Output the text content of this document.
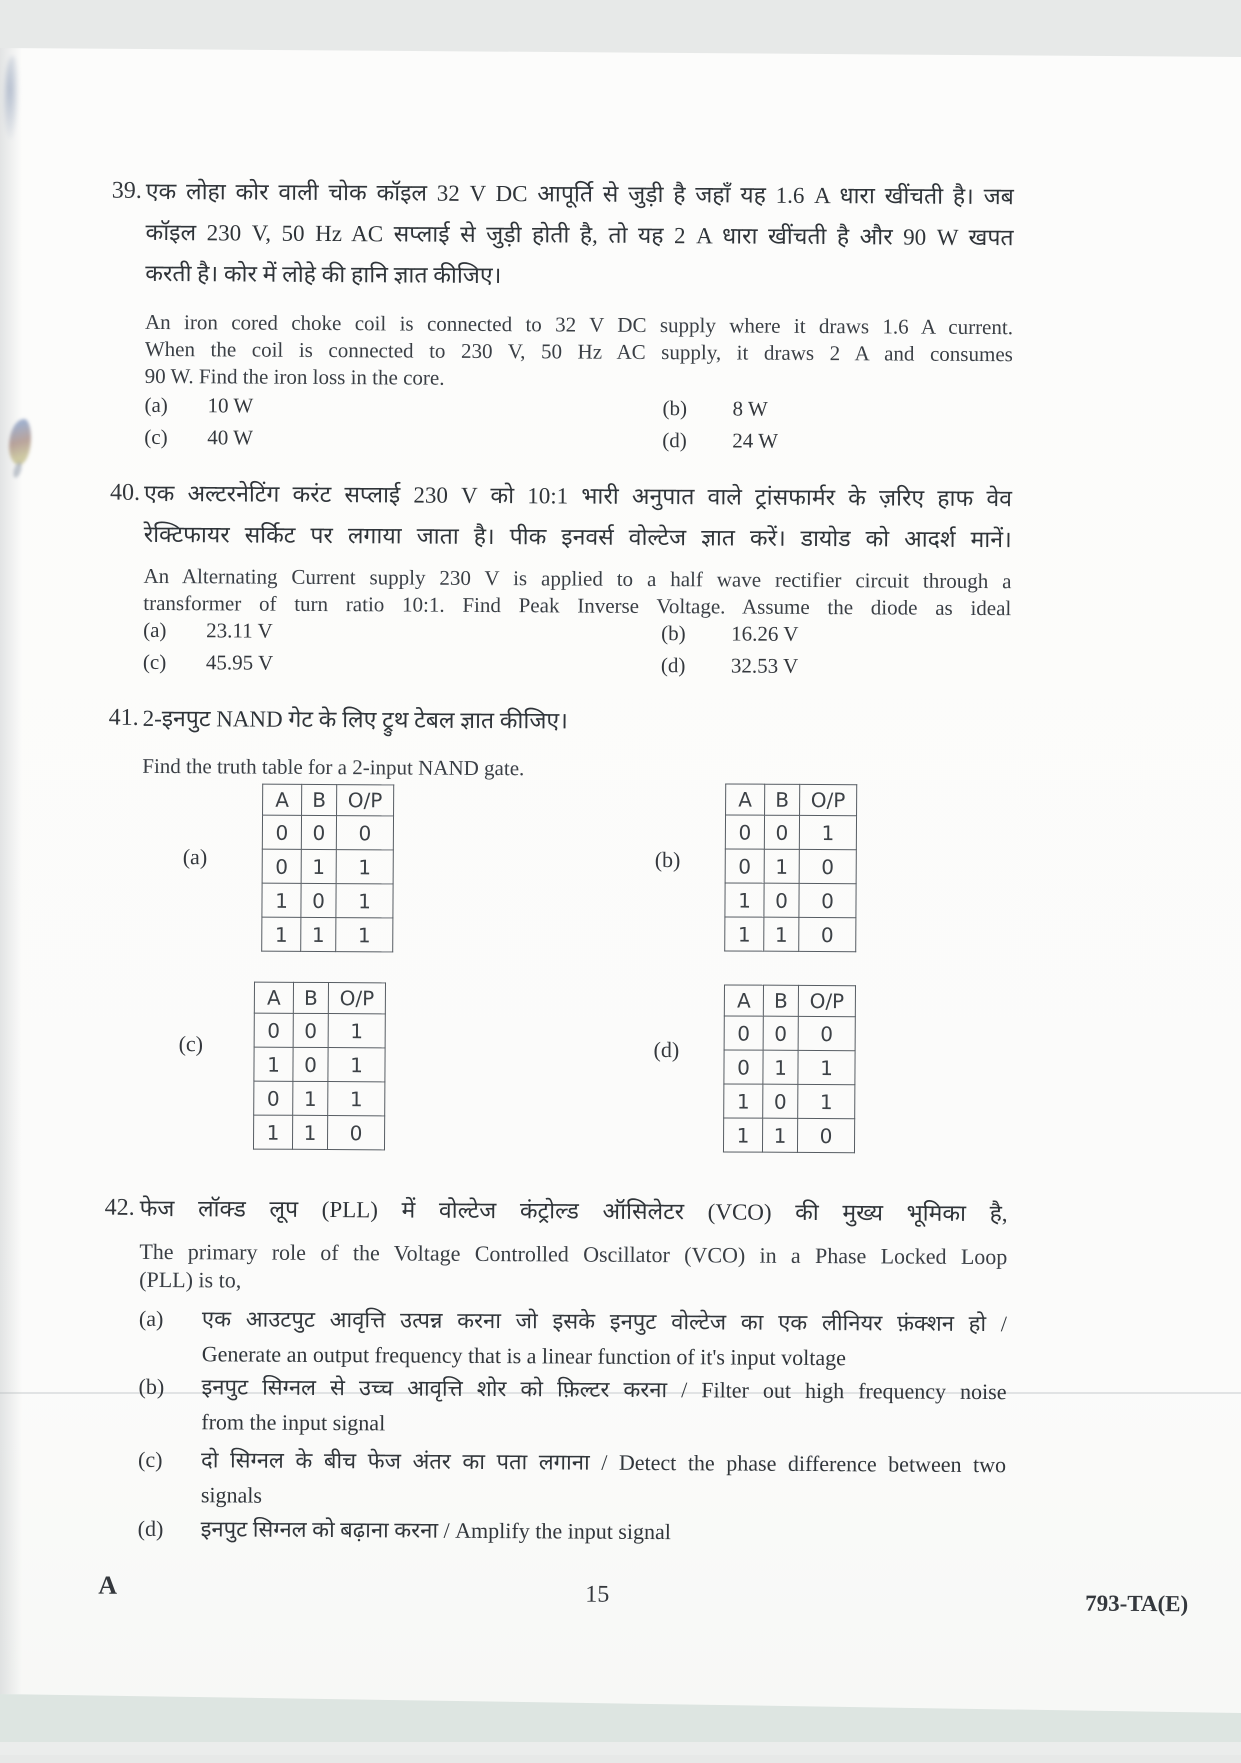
39. एक लोहा कोर वाली चोक कॉइल 32 V DC आपूर्ति से जुड़ी है जहाँ यह 1.6 A धारा खींचती है। जब
कॉइल 230 V, 50 Hz AC सप्लाई से जुड़ी होती है, तो यह 2 A धारा खींचती है और 90 W खपत
करती है। कोर में लोहे की हानि ज्ञात कीजिए।
An iron cored choke coil is connected to 32 V DC supply where it draws 1.6 A current.
When the coil is connected to 230 V, 50 Hz AC supply, it draws 2 A and consumes
90 W. Find the iron loss in the core.
(a) 10 W	(b) 8 W
(c) 40 W	(d) 24 W
40. एक अल्टरनेटिंग करंट सप्लाई 230 V को 10:1 भारी अनुपात वाले ट्रांसफार्मर के ज़रिए हाफ वेव
रेक्टिफायर सर्किट पर लगाया जाता है। पीक इनवर्स वोल्टेज ज्ञात करें। डायोड को आदर्श मानें।
An Alternating Current supply 230 V is applied to a half wave rectifier circuit through a
transformer of turn ratio 10:1. Find Peak Inverse Voltage. Assume the diode as ideal
(a) 23.11 V	(b) 16.26 V
(c) 45.95 V	(d) 32.53 V
41. 2-इनपुट NAND गेट के लिए ट्रुथ टेबल ज्ञात कीजिए।
Find the truth table for a 2-input NAND gate.
(a)
A	B	O/P
0	0	0
0	1	1
1	0	1
1	1	1
(b)
A	B	O/P
0	0	1
0	1	0
1	0	0
1	1	0
(c)
A	B	O/P
0	0	1
1	0	1
0	1	1
1	1	0
(d)
A	B	O/P
0	0	0
0	1	1
1	0	1
1	1	0
42. फेज लॉक्ड लूप (PLL) में वोल्टेज कंट्रोल्ड ऑसिलेटर (VCO) की मुख्य भूमिका है,
The primary role of the Voltage Controlled Oscillator (VCO) in a Phase Locked Loop
(PLL) is to,
(a)	एक आउटपुट आवृत्ति उत्पन्न करना जो इसके इनपुट वोल्टेज का एक लीनियर फ़ंक्शन हो /
Generate an output frequency that is a linear function of it's input voltage
(b)	इनपुट सिग्नल से उच्च आवृत्ति शोर को फ़िल्टर करना / Filter out high frequency noise
from the input signal
(c)	दो सिग्नल के बीच फेज अंतर का पता लगाना / Detect the phase difference between two
signals
(d)	इनपुट सिग्नल को बढ़ाना करना / Amplify the input signal
A	15	793-TA(E)
